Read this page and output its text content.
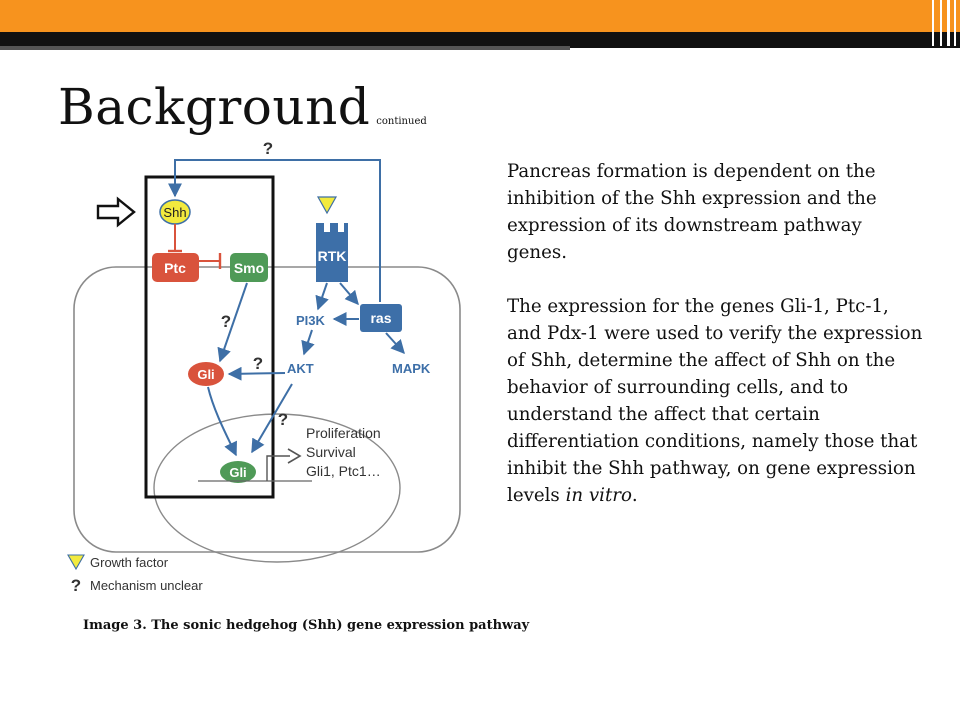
Background continued
?
Shh
Ptc	Smo
?
Gli
Gli
Proliferation
Survival
Gli1, Ptc1…
?
?
RTK
ras
PI3K
AKT	MAPK
Growth factor
? Mechanism unclear

Pancreas formation is dependent on the inhibition of the Shh expression and the expression of its downstream pathway genes.

The expression for the genes Gli-1, Ptc-1, and Pdx-1 were used to verify the expression of Shh, determine the affect of Shh on the behavior of surrounding cells, and to understand the affect that certain differentiation conditions, namely those that inhibit the Shh pathway, on gene expression levels in vitro.

Image 3. The sonic hedgehog (Shh) gene expression pathway
